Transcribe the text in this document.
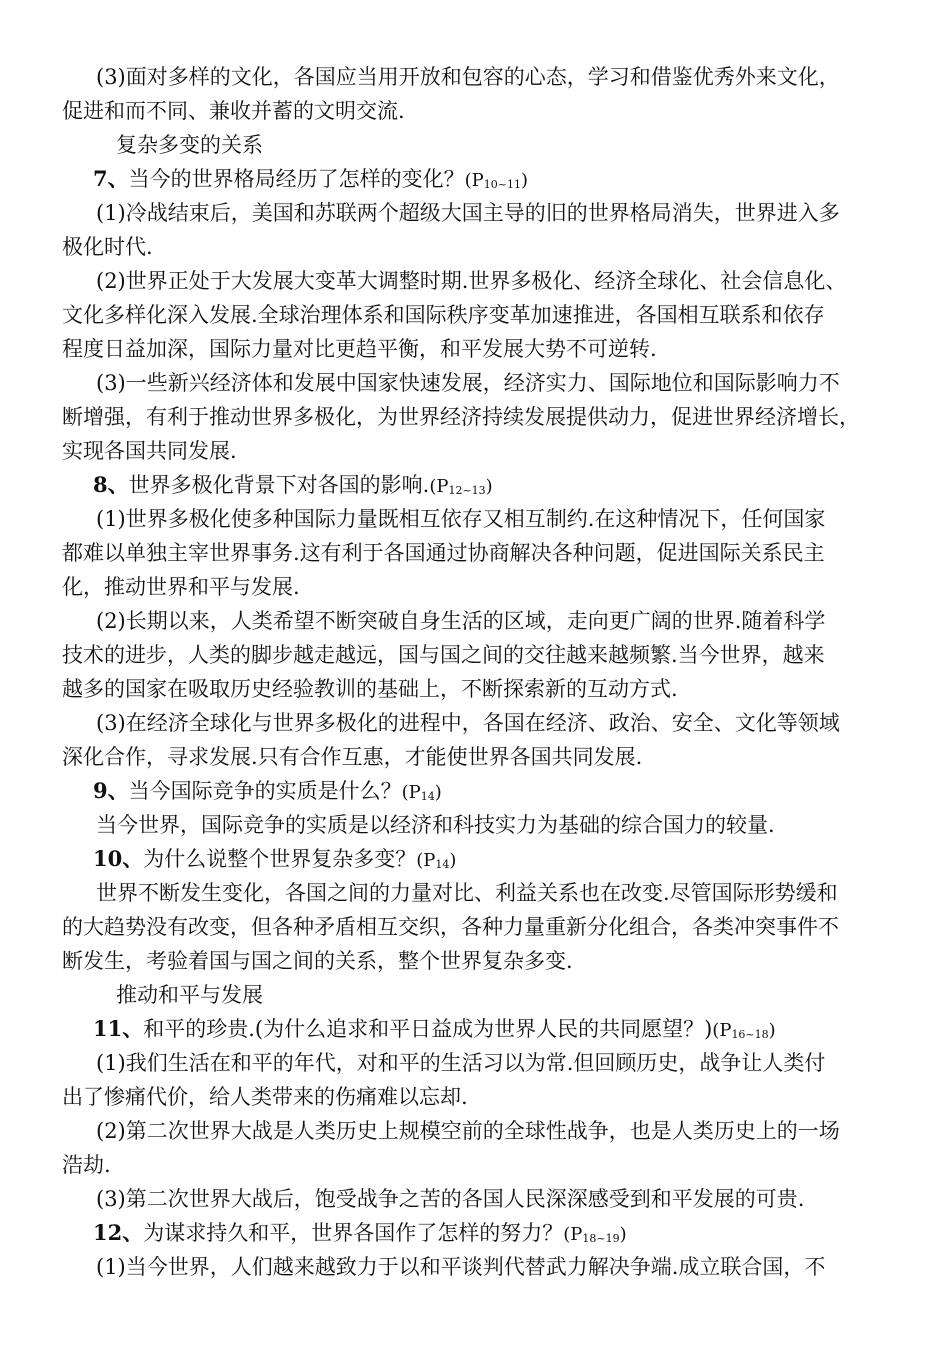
(3)面对多样的文化，各国应当用开放和包容的心态，学习和借鉴优秀外来文化，
促进和而不同、兼收并蓄的文明交流.
复杂多变的关系
7、当今的世界格局经历了怎样的变化？$(P_{10\sim 11})$
(1)冷战结束后，美国和苏联两个超级大国主导的旧的世界格局消失，世界进入多
极化时代.
(2)世界正处于大发展大变革大调整时期.世界多极化、经济全球化、社会信息化、
文化多样化深入发展.全球治理体系和国际秩序变革加速推进，各国相互联系和依存
程度日益加深，国际力量对比更趋平衡，和平发展大势不可逆转.
(3)一些新兴经济体和发展中国家快速发展，经济实力、国际地位和国际影响力不
断增强，有利于推动世界多极化，为世界经济持续发展提供动力，促进世界经济增长，
实现各国共同发展.
8、世界多极化背景下对各国的影响$.(P_{12\sim 13})$
(1)世界多极化使多种国际力量既相互依存又相互制约.在这种情况下，任何国家
都难以单独主宰世界事务.这有利于各国通过协商解决各种问题，促进国际关系民主
化，推动世界和平与发展.
(2)长期以来，人类希望不断突破自身生活的区域，走向更广阔的世界.随着科学
技术的进步，人类的脚步越走越远，国与国之间的交往越来越频繁.当今世界，越来
越多的国家在吸取历史经验教训的基础上，不断探索新的互动方式.
(3)在经济全球化与世界多极化的进程中，各国在经济、政治、安全、文化等领域
深化合作，寻求发展.只有合作互惠，才能使世界各国共同发展.
9、当今国际竞争的实质是什么？$(P_{14})$
当今世界，国际竞争的实质是以经济和科技实力为基础的综合国力的较量.
10、为什么说整个世界复杂多变？$(P_{14})$
世界不断发生变化，各国之间的力量对比、利益关系也在改变.尽管国际形势缓和
的大趋势没有改变，但各种矛盾相互交织，各种力量重新分化组合，各类冲突事件不
断发生，考验着国与国之间的关系，整个世界复杂多变.
推动和平与发展
11、和平的珍贵.(为什么追求和平日益成为世界人民的共同愿望？)$(P_{16\sim 18})$
(1)我们生活在和平的年代，对和平的生活习以为常.但回顾历史，战争让人类付
出了惨痛代价，给人类带来的伤痛难以忘却.
(2)第二次世界大战是人类历史上规模空前的全球性战争，也是人类历史上的一场
浩劫.
(3)第二次世界大战后，饱受战争之苦的各国人民深深感受到和平发展的可贵.
12、为谋求持久和平，世界各国作了怎样的努力？$(P_{18\sim 19})$
(1)当今世界，人们越来越致力于以和平谈判代替武力解决争端.成立联合国，不
